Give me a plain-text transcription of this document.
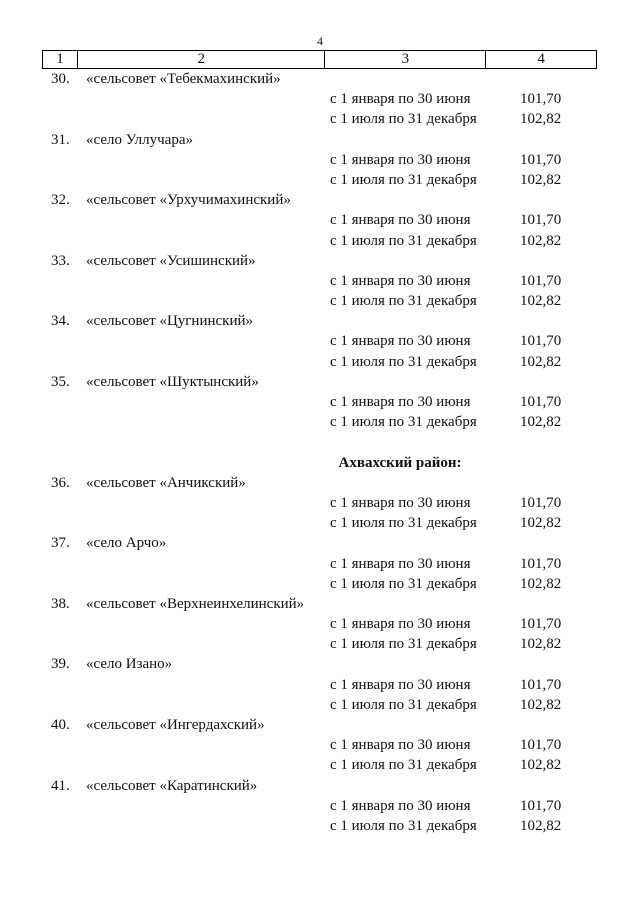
4
1	2	3	4
30. «сельсовет «Тебекмахинский»
с 1 января по 30 июня	101,70
с 1 июля по 31 декабря	102,82
31. «село Уллучара»
с 1 января по 30 июня	101,70
с 1 июля по 31 декабря	102,82
32. «сельсовет «Урхучимахинский»
с 1 января по 30 июня	101,70
с 1 июля по 31 декабря	102,82
33. «сельсовет «Усишинский»
с 1 января по 30 июня	101,70
с 1 июля по 31 декабря	102,82
34. «сельсовет «Цугнинский»
с 1 января по 30 июня	101,70
с 1 июля по 31 декабря	102,82
35. «сельсовет «Шуктынский»
с 1 января по 30 июня	101,70
с 1 июля по 31 декабря	102,82
Ахвахский район:
36. «сельсовет «Анчикский»
с 1 января по 30 июня	101,70
с 1 июля по 31 декабря	102,82
37. «село Арчо»
с 1 января по 30 июня	101,70
с 1 июля по 31 декабря	102,82
38. «сельсовет «Верхнеинхелинский»
с 1 января по 30 июня	101,70
с 1 июля по 31 декабря	102,82
39. «село Изано»
с 1 января по 30 июня	101,70
с 1 июля по 31 декабря	102,82
40. «сельсовет «Ингердахский»
с 1 января по 30 июня	101,70
с 1 июля по 31 декабря	102,82
41. «сельсовет «Каратинский»
с 1 января по 30 июня	101,70
с 1 июля по 31 декабря	102,82
